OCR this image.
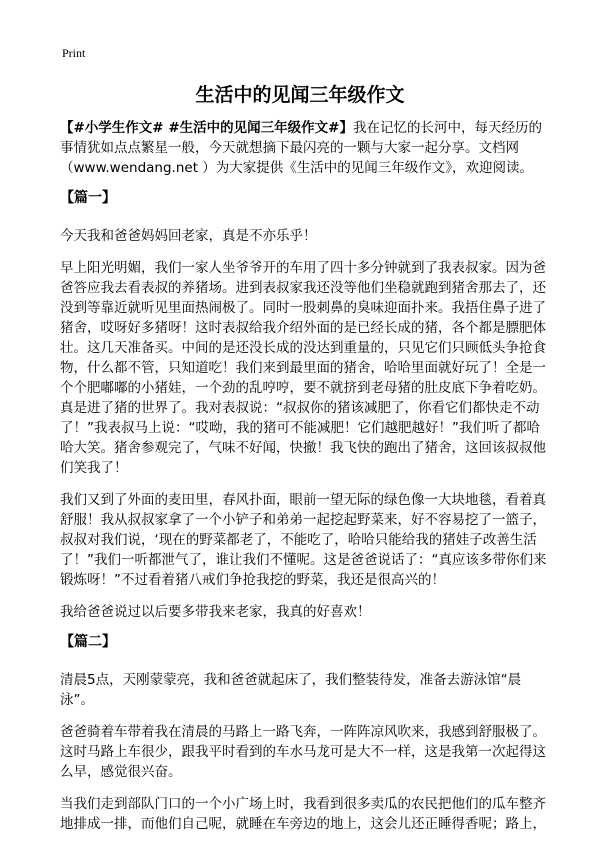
Print
生活中的见闻三年级作文

【#小学生作文# #生活中的见闻三年级作文#】我在记忆的长河中，每天经历的事情犹如点点繁星一般，今天就想摘下最闪亮的一颗与大家一起分享。文档网（www.wendang.net ）为大家提供《生活中的见闻三年级作文》，欢迎阅读。

【篇一】

今天我和爸爸妈妈回老家，真是不亦乐乎！

早上阳光明媚，我们一家人坐爷爷开的车用了四十多分钟就到了我表叔家。因为爸爸答应我去看表叔的养猪场。进到表叔家我还没等他们坐稳就跑到猪舍那去了，还没到等靠近就听见里面热闹极了。同时一股刺鼻的臭味迎面扑来。我捂住鼻子进了猪舍，哎呀好多猪呀！这时表叔给我介绍外面的是已经长成的猪，各个都是膘肥体壮。这几天准备买。中间的是还没长成的没达到重量的，只见它们只顾低头争抢食物，什么都不管，只知道吃！我们来到最里面的猪舍，哈哈里面就好玩了！全是一个个肥嘟嘟的小猪娃，一个劲的乱哼哼，要不就挤到老母猪的肚皮底下争着吃奶。真是进了猪的世界了。我对表叔说：“叔叔你的猪该减肥了，你看它们都快走不动了！”我表叔马上说：“哎呦，我的猪可不能减肥！它们越肥越好！”我们听了都哈哈大笑。猪舍参观完了，气味不好闻，快撤！我飞快的跑出了猪舍，这回该叔叔他们笑我了！

我们又到了外面的麦田里，春风扑面，眼前一望无际的绿色像一大块地毯，看着真舒服！我从叔叔家拿了一个小铲子和弟弟一起挖起野菜来，好不容易挖了一篮子，叔叔对我们说，‘现在的野菜都老了，不能吃了，哈哈只能给我的猪娃子改善生活了！”我们一听都泄气了，谁让我们不懂呢。这是爸爸说话了：“真应该多带你们来锻炼呀！”不过看着猪八戒们争抢我挖的野菜，我还是很高兴的！

我给爸爸说过以后要多带我来老家，我真的好喜欢！

【篇二】

清晨5点，天刚蒙蒙亮，我和爸爸就起床了，我们整装待发，准备去游泳馆“晨泳”。

爸爸骑着车带着我在清晨的马路上一路飞奔，一阵阵凉风吹来，我感到舒服极了。这时马路上车很少，跟我平时看到的车水马龙可是大不一样，这是我第一次起得这么早，感觉很兴奋。

当我们走到部队门口的一个小广场上时，我看到很多卖瓜的农民把他们的瓜车整齐地排成一排，而他们自己呢，就睡在车旁边的地上，这会儿还正睡得香呢；路上，
